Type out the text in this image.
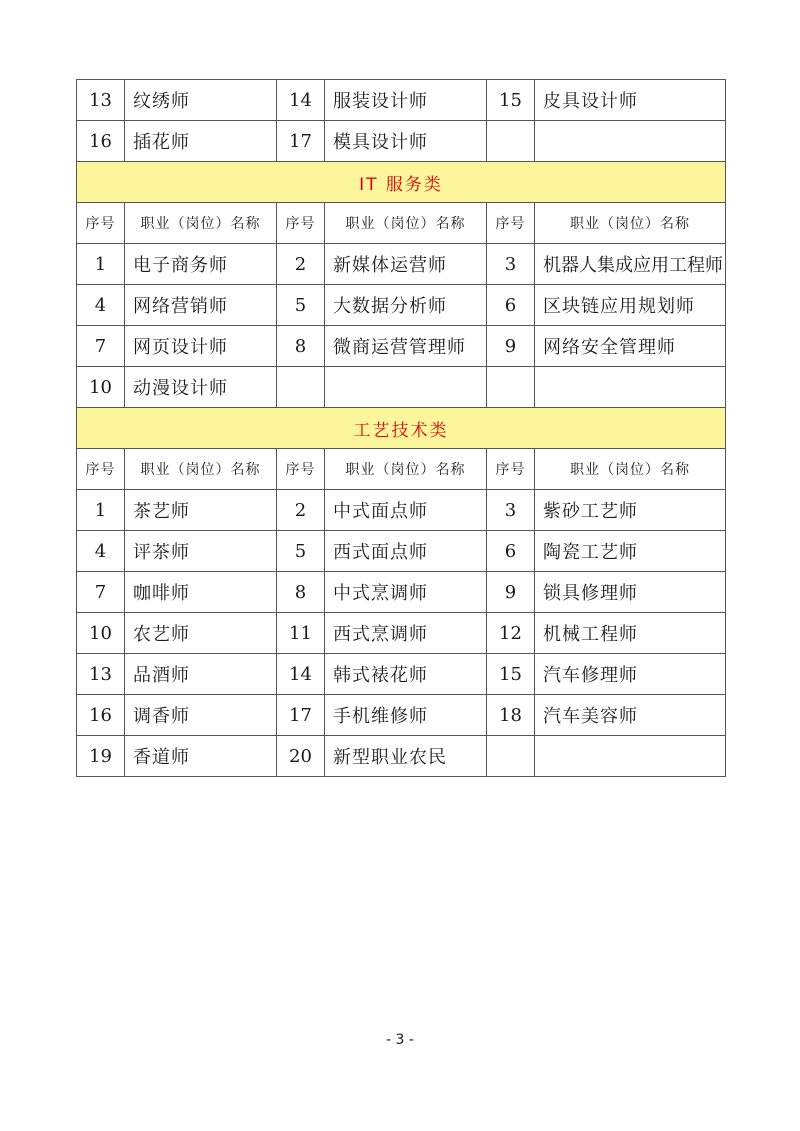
13	纹绣师	14	服装设计师	15	皮具设计师
16	插花师	17	模具设计师		
IT 服务类					
序号	职业（岗位）名称	序号	职业（岗位）名称	序号	职业（岗位）名称
1	电子商务师	2	新媒体运营师	3	机器人集成应用工程师
4	网络营销师	5	大数据分析师	6	区块链应用规划师
7	网页设计师	8	微商运营管理师	9	网络安全管理师
10	动漫设计师				
工艺技术类					
序号	职业（岗位）名称	序号	职业（岗位）名称	序号	职业（岗位）名称
1	茶艺师	2	中式面点师	3	紫砂工艺师
4	评茶师	5	西式面点师	6	陶瓷工艺师
7	咖啡师	8	中式烹调师	9	锁具修理师
10	农艺师	11	西式烹调师	12	机械工程师
13	品酒师	14	韩式裱花师	15	汽车修理师
16	调香师	17	手机维修师	18	汽车美容师
19	香道师	20	新型职业农民		
- 3 -
